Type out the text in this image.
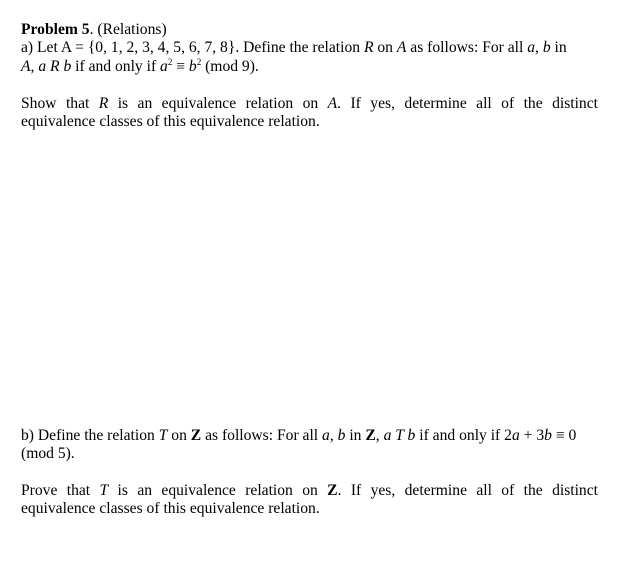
Problem 5. (Relations)
a) Let A = {0, 1, 2, 3, 4, 5, 6, 7, 8}. Define the relation R on A as follows: For all a, b in
A, a R b if and only if $a^2 \equiv b^2$ (mod 9).
Show that R is an equivalence relation on A. If yes, determine all of the distinct
equivalence classes of this equivalence relation.
b) Define the relation T on Z as follows: For all a, b in Z, a T b if and only if 2a + 3b ≡ 0
(mod 5).
Prove that T is an equivalence relation on Z. If yes, determine all of the distinct
equivalence classes of this equivalence relation.
